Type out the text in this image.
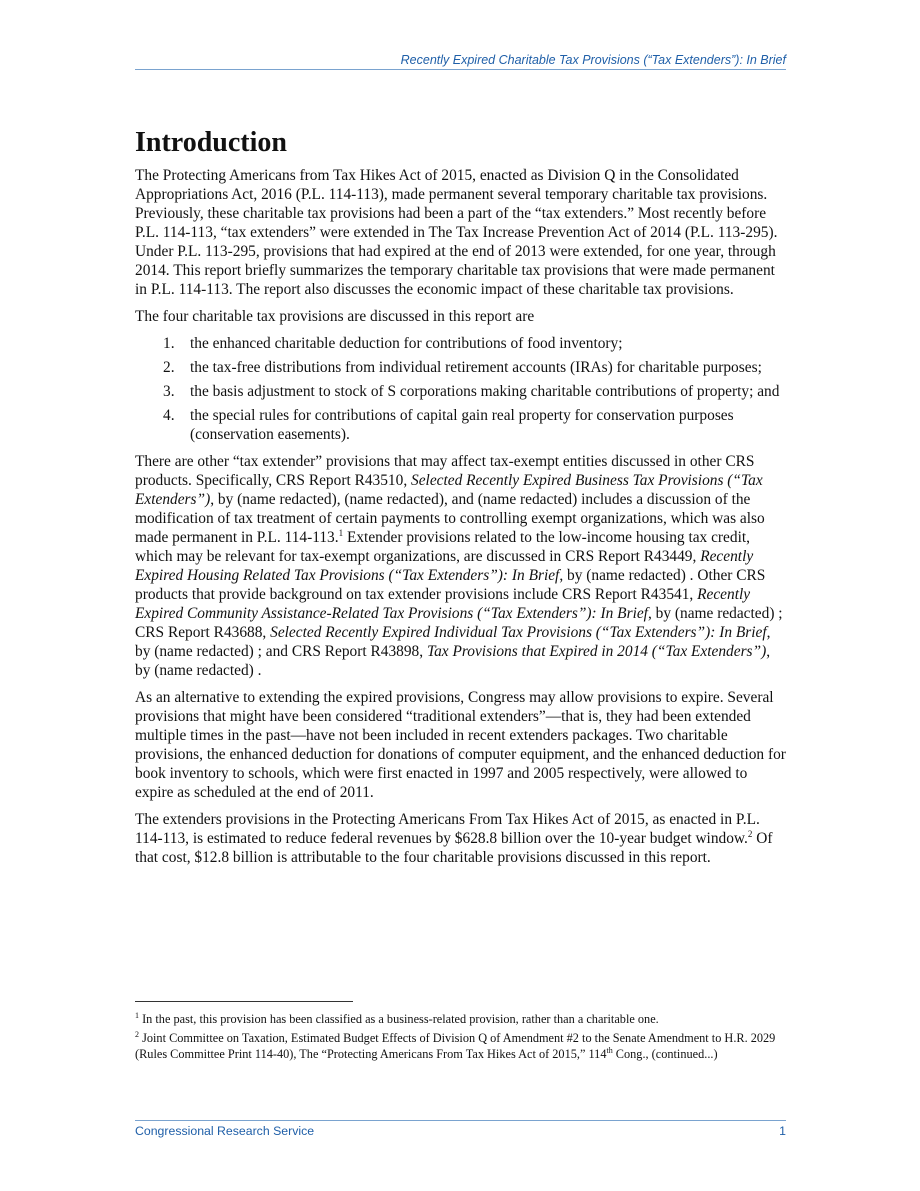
Recently Expired Charitable Tax Provisions (“Tax Extenders”): In Brief
Introduction

The Protecting Americans from Tax Hikes Act of 2015, enacted as Division Q in the Consolidated Appropriations Act, 2016 (P.L. 114-113), made permanent several temporary charitable tax provisions. Previously, these charitable tax provisions had been a part of the “tax extenders.” Most recently before P.L. 114-113, “tax extenders” were extended in The Tax Increase Prevention Act of 2014 (P.L. 113-295). Under P.L. 113-295, provisions that had expired at the end of 2013 were extended, for one year, through 2014. This report briefly summarizes the temporary charitable tax provisions that were made permanent in P.L. 114-113. The report also discusses the economic impact of these charitable tax provisions.

The four charitable tax provisions are discussed in this report are

1. the enhanced charitable deduction for contributions of food inventory;
2. the tax-free distributions from individual retirement accounts (IRAs) for charitable purposes;
3. the basis adjustment to stock of S corporations making charitable contributions of property; and
4. the special rules for contributions of capital gain real property for conservation purposes (conservation easements).

There are other “tax extender” provisions that may affect tax-exempt entities discussed in other CRS products. Specifically, CRS Report R43510, Selected Recently Expired Business Tax Provisions (“Tax Extenders”), by (name redacted), (name redacted), and (name redacted) includes a discussion of the modification of tax treatment of certain payments to controlling exempt organizations, which was also made permanent in P.L. 114-113.$^1$ Extender provisions related to the low-income housing tax credit, which may be relevant for tax-exempt organizations, are discussed in CRS Report R43449, Recently Expired Housing Related Tax Provisions (“Tax Extenders”): In Brief, by (name redacted) . Other CRS products that provide background on tax extender provisions include CRS Report R43541, Recently Expired Community Assistance-Related Tax Provisions (“Tax Extenders”): In Brief, by (name redacted) ; CRS Report R43688, Selected Recently Expired Individual Tax Provisions (“Tax Extenders”): In Brief, by (name redacted) ; and CRS Report R43898, Tax Provisions that Expired in 2014 (“Tax Extenders”), by (name redacted) .

As an alternative to extending the expired provisions, Congress may allow provisions to expire. Several provisions that might have been considered “traditional extenders”—that is, they had been extended multiple times in the past—have not been included in recent extenders packages. Two charitable provisions, the enhanced deduction for donations of computer equipment, and the enhanced deduction for book inventory to schools, which were first enacted in 1997 and 2005 respectively, were allowed to expire as scheduled at the end of 2011.

The extenders provisions in the Protecting Americans From Tax Hikes Act of 2015, as enacted in P.L. 114-113, is estimated to reduce federal revenues by $628.8 billion over the 10-year budget window.$^2$ Of that cost, $12.8 billion is attributable to the four charitable provisions discussed in this report.

$^1$ In the past, this provision has been classified as a business-related provision, rather than a charitable one.

$^2$ Joint Committee on Taxation, Estimated Budget Effects of Division Q of Amendment #2 to the Senate Amendment to H.R. 2029 (Rules Committee Print 114-40), The “Protecting Americans From Tax Hikes Act of 2015,” 114th Cong., (continued...)

Congressional Research Service	1
